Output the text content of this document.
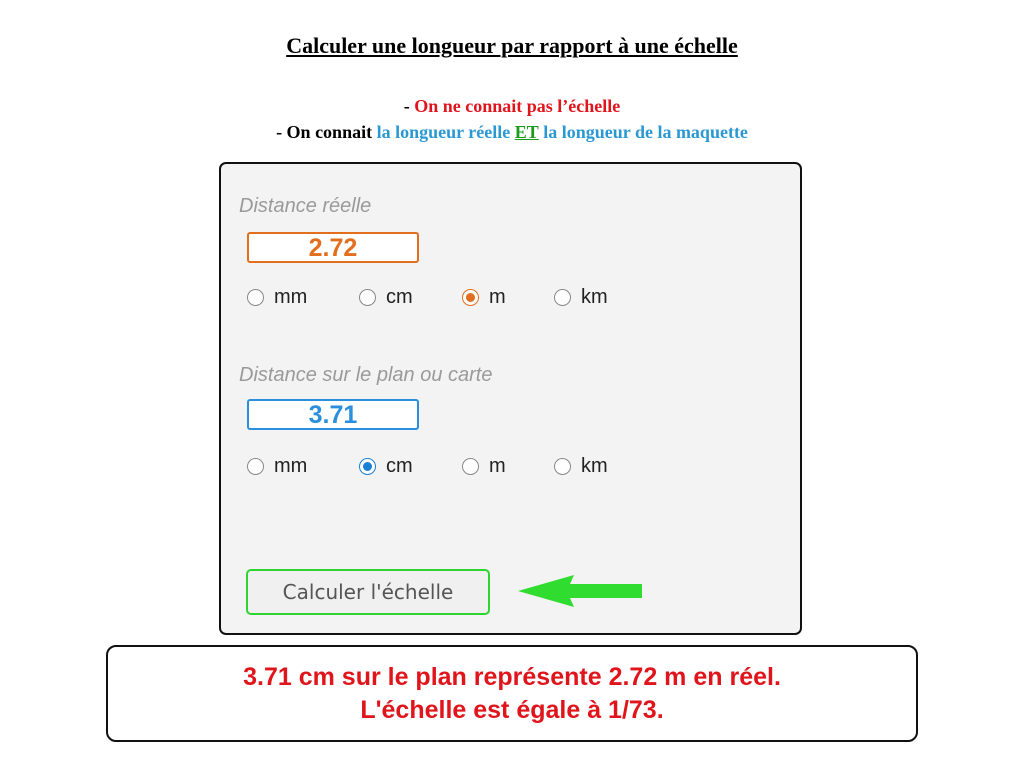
Calculer une longueur par rapport à une échelle
- On ne connait pas l’échelle
- On connait la longueur réelle ET la longueur de la maquette
Distance réelle
2.72
mm	cm	m	km
Distance sur le plan ou carte
3.71
mm	cm	m	km
Calculer l'échelle
3.71 cm sur le plan représente 2.72 m en réel.
L'échelle est égale à 1/73.
